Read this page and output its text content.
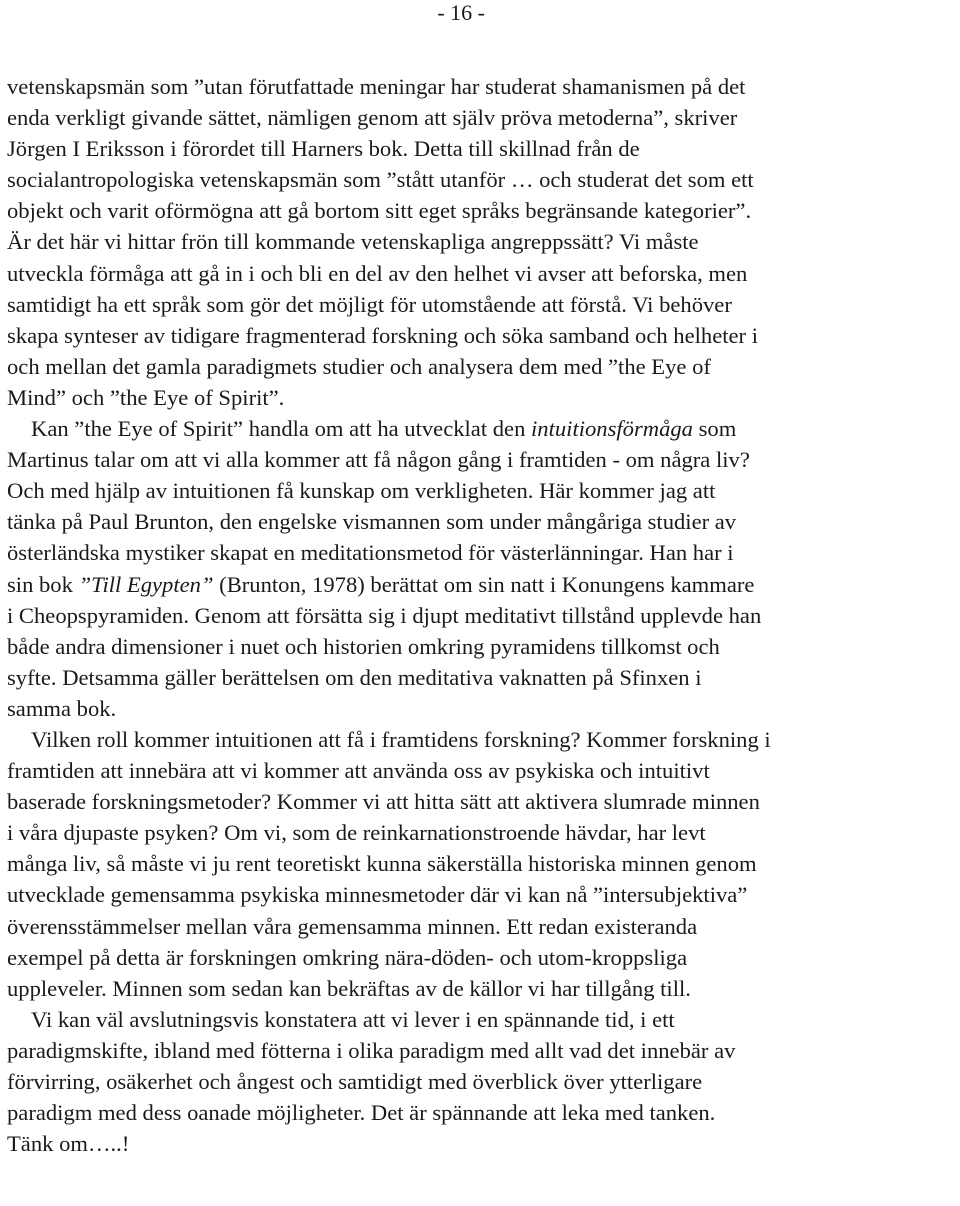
- 16 -

vetenskapsmän som ”utan förutfattade meningar har studerat shamanismen på det
enda verkligt givande sättet, nämligen genom att själv pröva metoderna”, skriver
Jörgen I Eriksson i förordet till Harners bok. Detta till skillnad från de
socialantropologiska vetenskapsmän som ”stått utanför … och studerat det som ett
objekt och varit oförmögna att gå bortom sitt eget språks begränsande kategorier”.
Är det här vi hittar frön till kommande vetenskapliga angreppssätt? Vi måste
utveckla förmåga att gå in i och bli en del av den helhet vi avser att beforska, men
samtidigt ha ett språk som gör det möjligt för utomstående att förstå. Vi behöver
skapa synteser av tidigare fragmenterad forskning och söka samband och helheter i
och mellan det gamla paradigmets studier och analysera dem med ”the Eye of
Mind” och ”the Eye of Spirit”.

Kan ”the Eye of Spirit” handla om att ha utvecklat den intuitionsförmåga som
Martinus talar om att vi alla kommer att få någon gång i framtiden - om några liv?
Och med hjälp av intuitionen få kunskap om verkligheten. Här kommer jag att
tänka på Paul Brunton, den engelske vismannen som under mångåriga studier av
österländska mystiker skapat en meditationsmetod för västerlänningar. Han har i
sin bok ”Till Egypten” (Brunton, 1978) berättat om sin natt i Konungens kammare
i Cheopspyramiden. Genom att försätta sig i djupt meditativt tillstånd upplevde han
både andra dimensioner i nuet och historien omkring pyramidens tillkomst och
syfte. Detsamma gäller berättelsen om den meditativa vaknatten på Sfinxen i
samma bok.

Vilken roll kommer intuitionen att få i framtidens forskning? Kommer forskning i
framtiden att innebära att vi kommer att använda oss av psykiska och intuitivt
baserade forskningsmetoder? Kommer vi att hitta sätt att aktivera slumrade minnen
i våra djupaste psyken? Om vi, som de reinkarnationstroende hävdar, har levt
många liv, så måste vi ju rent teoretiskt kunna säkerställa historiska minnen genom
utvecklade gemensamma psykiska minnesmetoder där vi kan nå ”intersubjektiva”
överensstämmelser mellan våra gemensamma minnen. Ett redan existeranda
exempel på detta är forskningen omkring nära-döden- och utom-kroppsliga
uppleveler. Minnen som sedan kan bekräftas av de källor vi har tillgång till.

Vi kan väl avslutningsvis konstatera att vi lever i en spännande tid, i ett
paradigmskifte, ibland med fötterna i olika paradigm med allt vad det innebär av
förvirring, osäkerhet och ångest och samtidigt med överblick över ytterligare
paradigm med dess oanade möjligheter. Det är spännande att leka med tanken.
Tänk om…..!
